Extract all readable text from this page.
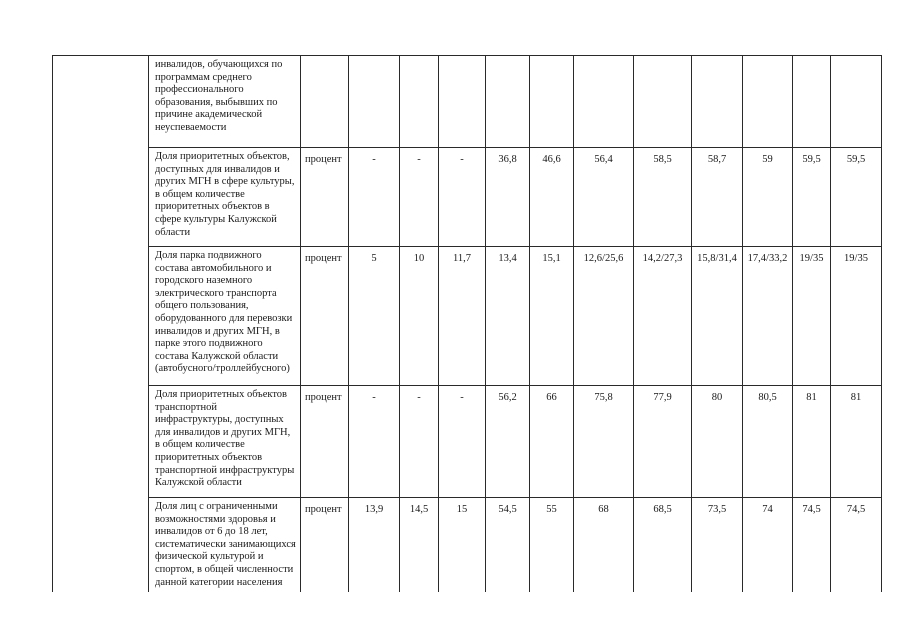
	инвалидов, обучающихся по программам среднего профессионального образования, выбывших по причине академической неуспеваемости												
	Доля приоритетных объектов, доступных для инвалидов и других МГН в сфере культуры, в общем количестве приоритетных объектов в сфере культуры Калужской области	процент	-	-	-	36,8	46,6	56,4	58,5	58,7	59	59,5	59,5
	Доля парка подвижного состава автомобильного и городского наземного электрического транспорта общего пользования, оборудованного для перевозки инвалидов и других МГН, в парке этого подвижного состава Калужской области (автобусного/троллейбусного)	процент	5	10	11,7	13,4	15,1	12,6/25,6	14,2/27,3	15,8/31,4	17,4/33,2	19/35	19/35
	Доля приоритетных объектов транспортной инфраструктуры, доступных для инвалидов и других МГН, в общем количестве приоритетных объектов транспортной инфраструктуры Калужской области	процент	-	-	-	56,2	66	75,8	77,9	80	80,5	81	81
	Доля лиц с ограниченными возможностями здоровья и инвалидов от 6 до 18 лет, систематически занимающихся физической культурой и спортом, в общей численности данной категории населения	процент	13,9	14,5	15	54,5	55	68	68,5	73,5	74	74,5	74,5
